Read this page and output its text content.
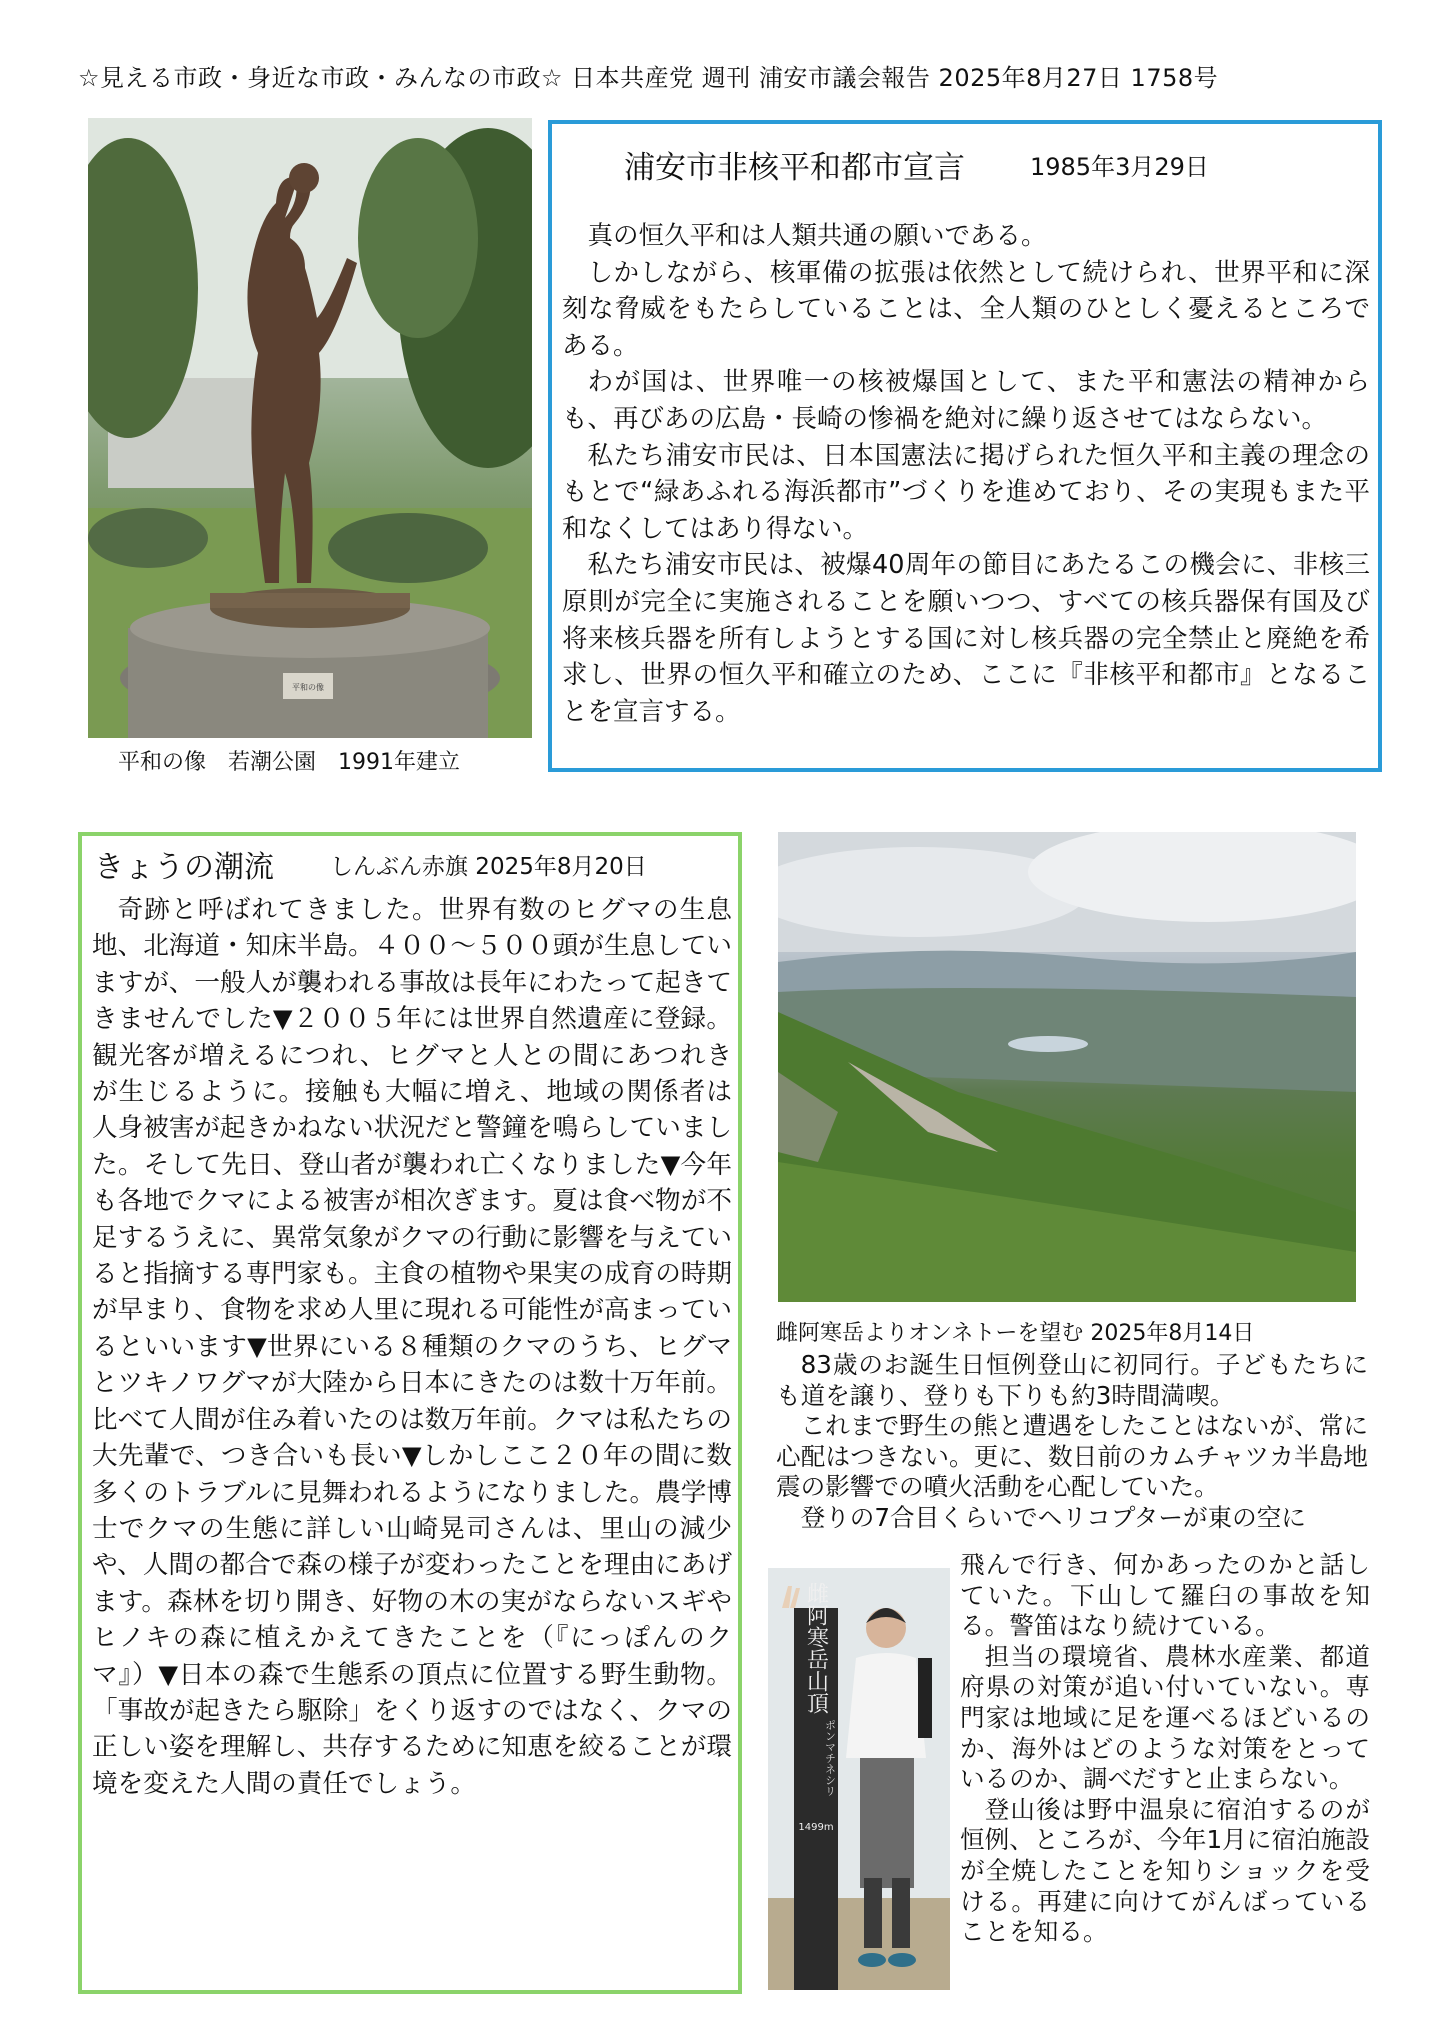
☆見える市政・身近な市政・みんなの市政☆ 日本共産党 週刊 浦安市議会報告 2025年8月27日 1758号
平和の像
平和の像　若潮公園　1991年建立
浦安市非核平和都市宣言	1985年3月29日

真の恒久平和は人類共通の願いである。

しかしながら、核軍備の拡張は依然として続けられ、世界平和に深刻な脅威をもたらしていることは、全人類のひとしく憂えるところである。

わが国は、世界唯一の核被爆国として、また平和憲法の精神からも、再びあの広島・長崎の惨禍を絶対に繰り返させてはならない。

私たち浦安市民は、日本国憲法に掲げられた恒久平和主義の理念のもとで“緑あふれる海浜都市”づくりを進めており、その実現もまた平和なくしてはあり得ない。

私たち浦安市民は、被爆40周年の節目にあたるこの機会に、非核三原則が完全に実施されることを願いつつ、すべての核兵器保有国及び将来核兵器を所有しようとする国に対し核兵器の完全禁止と廃絶を希求し、世界の恒久平和確立のため、ここに『非核平和都市』となることを宣言する。

きょうの潮流 しんぶん赤旗 2025年8月20日

奇跡と呼ばれてきました。世界有数のヒグマの生息地、北海道・知床半島。４００～５００頭が生息していますが、一般人が襲われる事故は長年にわたって起きてきませんでした▼２００５年には世界自然遺産に登録。観光客が増えるにつれ、ヒグマと人との間にあつれきが生じるように。接触も大幅に増え、地域の関係者は人身被害が起きかねない状況だと警鐘を鳴らしていました。そして先日、登山者が襲われ亡くなりました▼今年も各地でクマによる被害が相次ぎます。夏は食べ物が不足するうえに、異常気象がクマの行動に影響を与えていると指摘する専門家も。主食の植物や果実の成育の時期が早まり、食物を求め人里に現れる可能性が高まっているといいます▼世界にいる８種類のクマのうち、ヒグマとツキノワグマが大陸から日本にきたのは数十万年前。比べて人間が住み着いたのは数万年前。クマは私たちの大先輩で、つき合いも長い▼しかしここ２０年の間に数多くのトラブルに見舞われるようになりました。農学博士でクマの生態に詳しい山崎晃司さんは、里山の減少や、人間の都合で森の様子が変わったことを理由にあげます。森林を切り開き、好物の木の実がならないスギやヒノキの森に植えかえてきたことを（『にっぽんのクマ』）▼日本の森で生態系の頂点に位置する野生動物。「事故が起きたら駆除」をくり返すのではなく、クマの正しい姿を理解し、共存するために知恵を絞ることが環境を変えた人間の責任でしょう。

雌阿寒岳よりオンネトーを望む 2025年8月14日

83歳のお誕生日恒例登山に初同行。子どもたちにも道を譲り、登りも下りも約3時間満喫。

これまで野生の熊と遭遇をしたことはないが、常に心配はつきない。更に、数日前のカムチャツカ半島地震の影響での噴火活動を心配していた。

登りの7合目くらいでヘリコプターが東の空に

雌阿寒岳山頂
ポンマチネシリ
1499m

飛んで行き、何かあったのかと話していた。下山して羅臼の事故を知る。警笛はなり続けている。

担当の環境省、農林水産業、都道府県の対策が追い付いていない。専門家は地域に足を運べるほどいるのか、海外はどのような対策をとっているのか、調べだすと止まらない。

登山後は野中温泉に宿泊するのが恒例、ところが、今年1月に宿泊施設が全焼したことを知りショックを受ける。再建に向けてがんばっていることを知る。
